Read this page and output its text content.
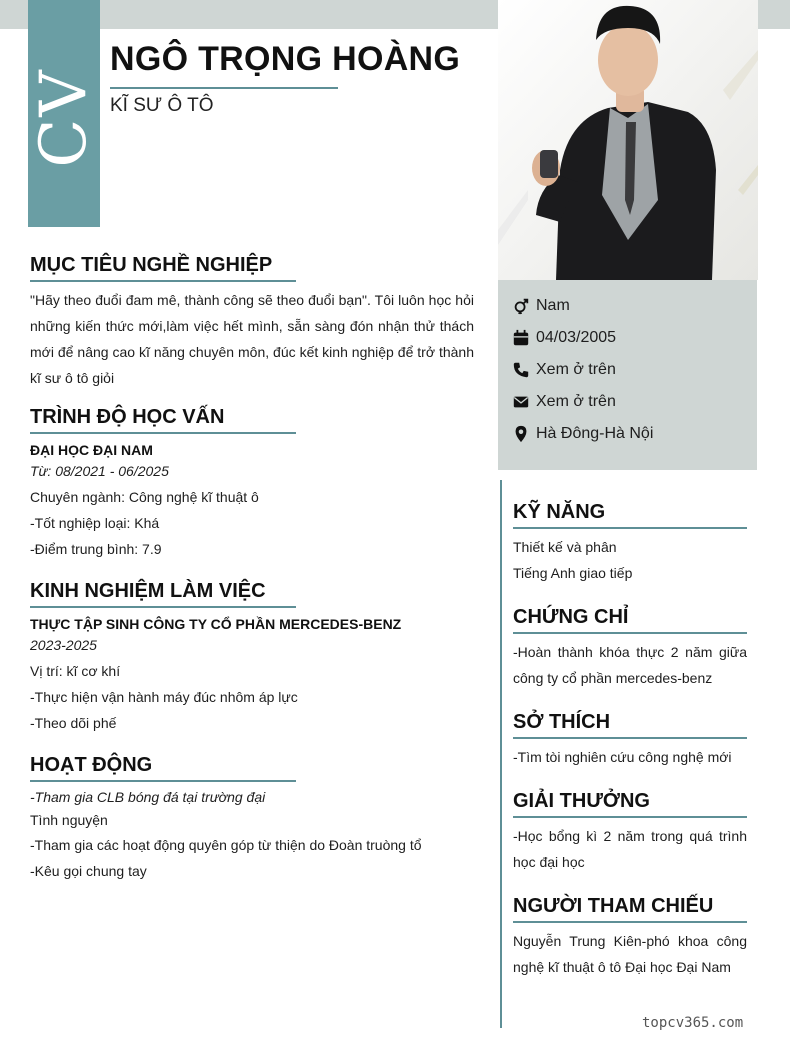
CV
NGÔ TRỌNG HOÀNG
KĨ SƯ Ô TÔ
Nam
04/03/2005
Xem ở trên
Xem ở trên
Hà Đông-Hà Nội
MỤC TIÊU NGHỀ NGHIỆP
"Hãy theo đuổi đam mê, thành công sẽ theo đuổi bạn". Tôi luôn học hỏi những kiến thức mới,làm việc hết mình, sẵn sàng đón nhận thử thách mới để nâng cao kĩ năng chuyên môn, đúc kết kinh nghiệp để trở thành kĩ sư ô tô giỏi
TRÌNH ĐỘ HỌC VẤN
ĐẠI HỌC ĐẠI NAM
Từ: 08/2021 - 06/2025
Chuyên ngành: Công nghệ kĩ thuật ô
-Tốt nghiệp loại: Khá
-Điểm trung bình: 7.9
KINH NGHIỆM LÀM VIỆC
THỰC TẬP SINH CÔNG TY CỔ PHẦN MERCEDES-BENZ
2023-2025
Vị trí: kĩ cơ khí
-Thực hiện vận hành máy đúc nhôm áp lực
-Theo dõi phế
HOẠT ĐỘNG
-Tham gia CLB bóng đá tại trường đại
Tình nguyện
-Tham gia các hoạt động quyên góp từ thiện do Đoàn truòng tổ
-Kêu gọi chung tay
KỸ NĂNG
Thiết kế và phân
Tiếng Anh giao tiếp
CHỨNG CHỈ
-Hoàn thành khóa thực 2 năm giữa công ty cổ phần mercedes-benz
SỞ THÍCH
-Tìm tòi nghiên cứu công nghệ mới
GIẢI THƯỞNG
-Học bổng kì 2 năm trong quá trình học đại học
NGƯỜI THAM CHIẾU
Nguyễn Trung Kiên-phó khoa công nghệ kĩ thuật ô tô Đại học Đại Nam
topcv365.com
